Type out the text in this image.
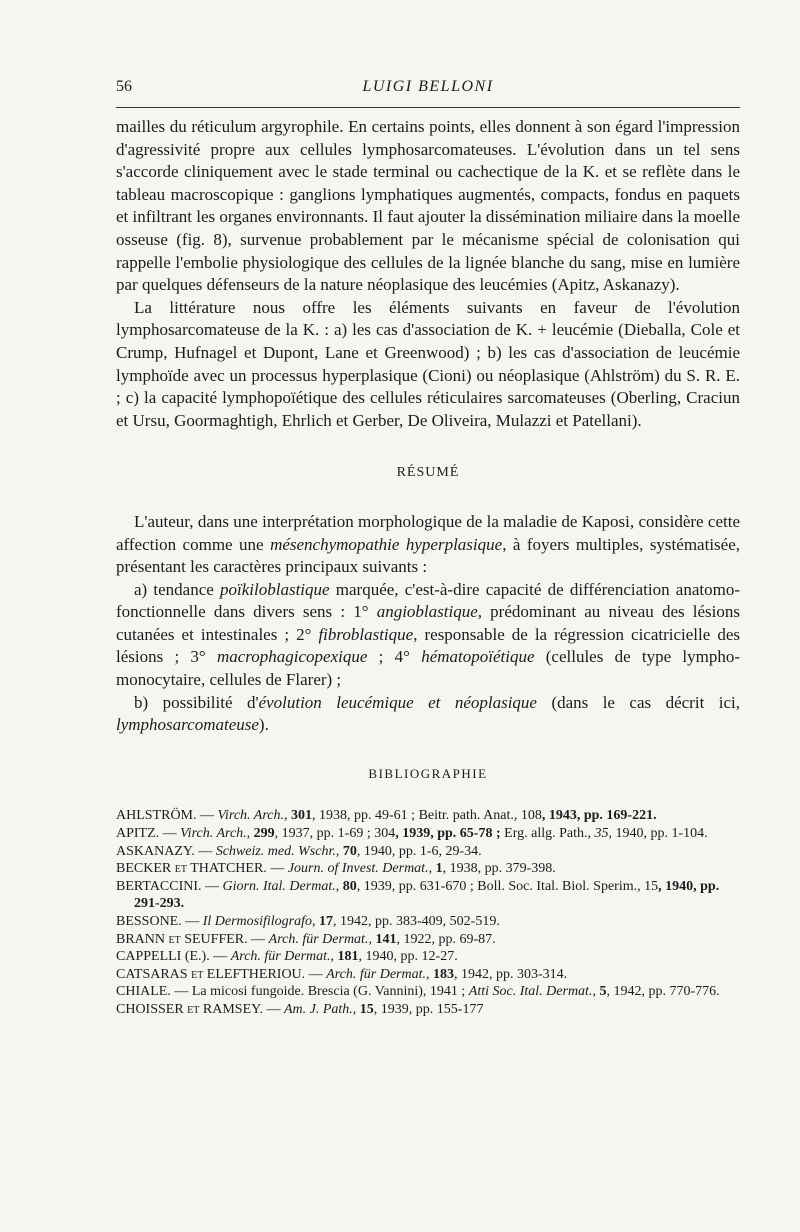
56	LUIGI BELLONI

mailles du réticulum argyrophile. En certains points, elles donnent à son égard l'impression d'agressivité propre aux cellules lymphosarcomateuses. L'évolution dans un tel sens s'accorde cliniquement avec le stade terminal ou cachectique de la K. et se reflète dans le tableau macroscopique : ganglions lymphatiques augmentés, compacts, fondus en paquets et infiltrant les organes environnants. Il faut ajouter la dissémination miliaire dans la moelle osseuse (fig. 8), survenue probablement par le mécanisme spécial de colonisation qui rappelle l'embolie physiologique des cellules de la lignée blanche du sang, mise en lumière par quelques défenseurs de la nature néoplasique des leucémies (Apitz, Askanazy).

La littérature nous offre les éléments suivants en faveur de l'évolution lymphosarcomateuse de la K. : a) les cas d'association de K. + leucémie (Dieballa, Cole et Crump, Hufnagel et Dupont, Lane et Greenwood) ; b) les cas d'association de leucémie lymphoïde avec un processus hyperplasique (Cioni) ou néoplasique (Ahlström) du S. R. E. ; c) la capacité lymphopoïétique des cellules réticulaires sarcomateuses (Oberling, Craciun et Ursu, Goormaghtigh, Ehrlich et Gerber, De Oliveira, Mulazzi et Patellani).

RÉSUMÉ

L'auteur, dans une interprétation morphologique de la maladie de Kaposi, considère cette affection comme une mésenchymopathie hyperplasique, à foyers multiples, systématisée, présentant les caractères principaux suivants :

a) tendance poïkiloblastique marquée, c'est-à-dire capacité de différenciation anatomo-fonctionnelle dans divers sens : 1° angioblastique, prédominant au niveau des lésions cutanées et intestinales ; 2° fibroblastique, responsable de la régression cicatricielle des lésions ; 3° macrophagicopexique ; 4° hématopoïétique (cellules de type lympho-monocytaire, cellules de Flarer) ;

b) possibilité d'évolution leucémique et néoplasique (dans le cas décrit ici, lymphosarcomateuse).

BIBLIOGRAPHIE
AHLSTRÖM. — Virch. Arch., 301, 1938, pp. 49-61 ; Beitr. path. Anat., 108, 1943, pp. 169-221.
APITZ. — Virch. Arch., 299, 1937, pp. 1-69 ; 304, 1939, pp. 65-78 ; Erg. allg. Path., 35, 1940, pp. 1-104.
ASKANAZY. — Schweiz. med. Wschr., 70, 1940, pp. 1-6, 29-34.
BECKER et THATCHER. — Journ. of Invest. Dermat., 1, 1938, pp. 379-398.
BERTACCINI. — Giorn. Ital. Dermat., 80, 1939, pp. 631-670 ; Boll. Soc. Ital. Biol. Sperim., 15, 1940, pp. 291-293.
BESSONE. — Il Dermosifilografo, 17, 1942, pp. 383-409, 502-519.
BRANN et SEUFFER. — Arch. für Dermat., 141, 1922, pp. 69-87.
CAPPELLI (E.). — Arch. für Dermat., 181, 1940, pp. 12-27.
CATSARAS et ELEFTHERIOU. — Arch. für Dermat., 183, 1942, pp. 303-314.
CHIALE. — La micosi fungoide. Brescia (G. Vannini), 1941 ; Atti Soc. Ital. Dermat., 5, 1942, pp. 770-776.
CHOISSER et RAMSEY. — Am. J. Path., 15, 1939, pp. 155-177
